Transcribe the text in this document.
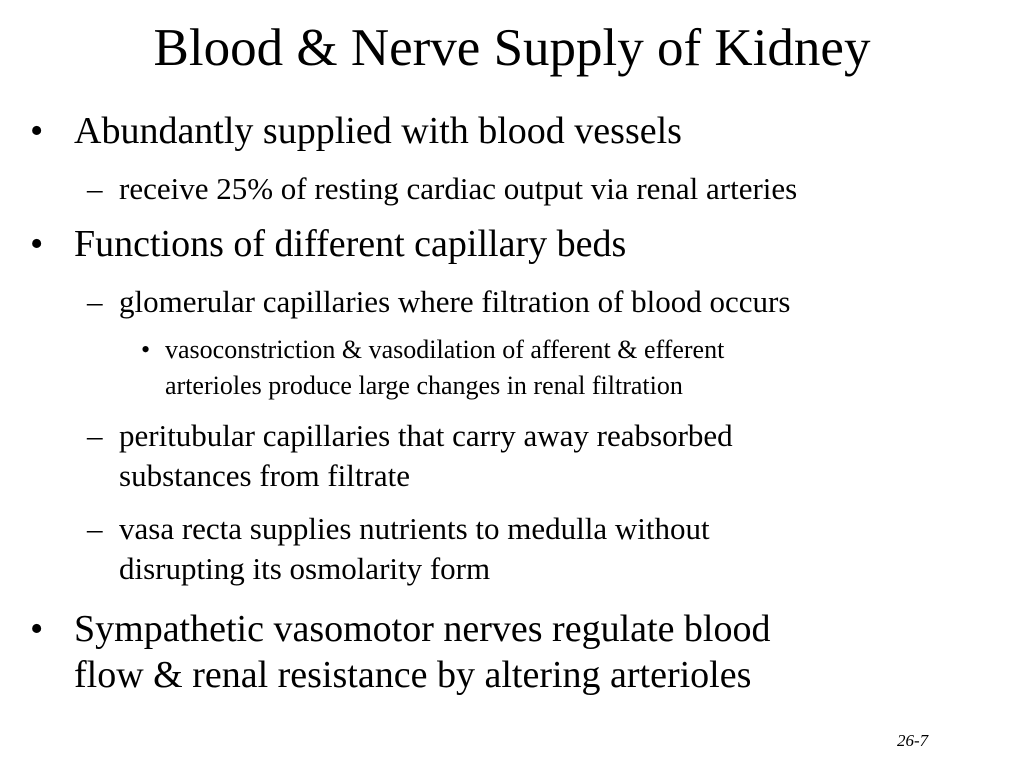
Blood & Nerve Supply of Kidney
• Abundantly supplied with blood vessels
– receive 25% of resting cardiac output via renal arteries
• Functions of different capillary beds
– glomerular capillaries where filtration of blood occurs
• vasoconstriction & vasodilation of afferent & efferent
arterioles produce large changes in renal filtration
– peritubular capillaries that carry away reabsorbed
substances from filtrate
– vasa recta supplies nutrients to medulla without
disrupting its osmolarity form
• Sympathetic vasomotor nerves regulate blood
flow & renal resistance by altering arterioles
26-7
